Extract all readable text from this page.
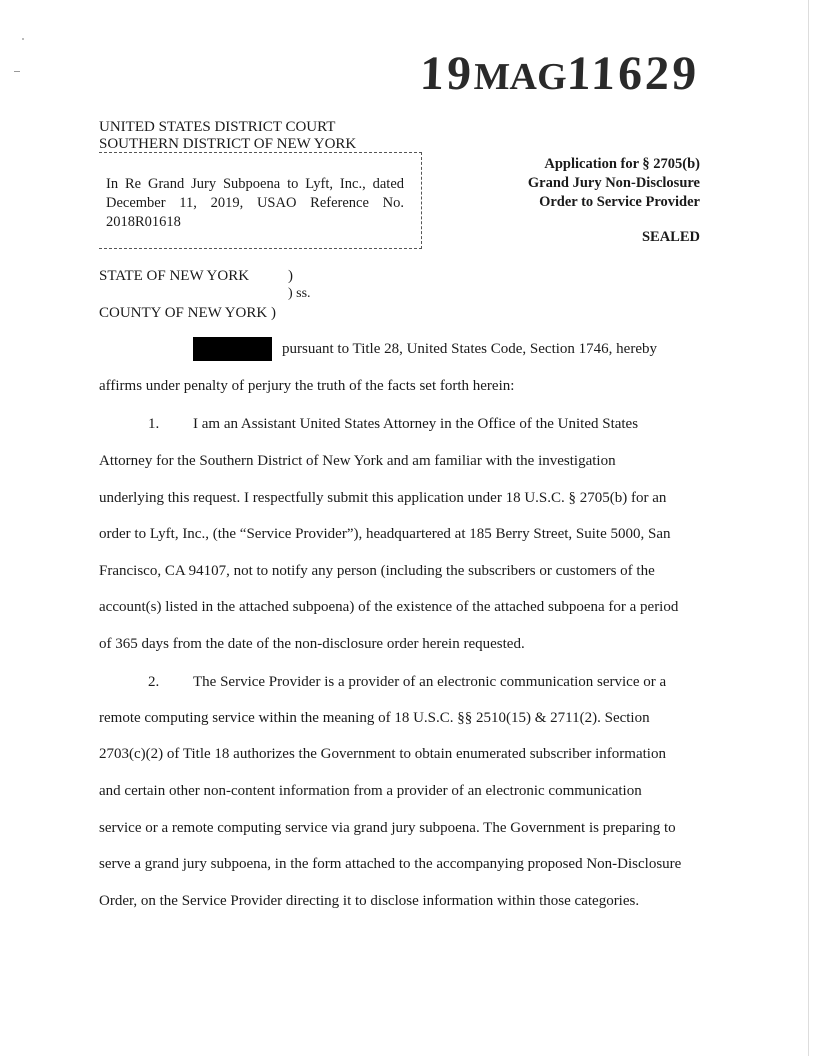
19MAG11629
UNITED STATES DISTRICT COURT
SOUTHERN DISTRICT OF NEW YORK
In Re Grand Jury Subpoena to Lyft, Inc., dated December 11, 2019, USAO Reference No. 2018R01618
Application for § 2705(b)
Grand Jury Non-Disclosure
Order to Service Provider
SEALED
STATE OF NEW YORK	)
) ss.
COUNTY OF NEW YORK )
pursuant to Title 28, United States Code, Section 1746, hereby
affirms under penalty of perjury the truth of the facts set forth herein:
1.	I am an Assistant United States Attorney in the Office of the United States
Attorney for the Southern District of New York and am familiar with the investigation
underlying this request. I respectfully submit this application under 18 U.S.C. § 2705(b) for an
order to Lyft, Inc., (the “Service Provider”), headquartered at 185 Berry Street, Suite 5000, San
Francisco, CA 94107, not to notify any person (including the subscribers or customers of the
account(s) listed in the attached subpoena) of the existence of the attached subpoena for a period
of 365 days from the date of the non-disclosure order herein requested.
2.	The Service Provider is a provider of an electronic communication service or a
remote computing service within the meaning of 18 U.S.C. §§ 2510(15) & 2711(2). Section
2703(c)(2) of Title 18 authorizes the Government to obtain enumerated subscriber information
and certain other non-content information from a provider of an electronic communication
service or a remote computing service via grand jury subpoena. The Government is preparing to
serve a grand jury subpoena, in the form attached to the accompanying proposed Non-Disclosure
Order, on the Service Provider directing it to disclose information within those categories.
